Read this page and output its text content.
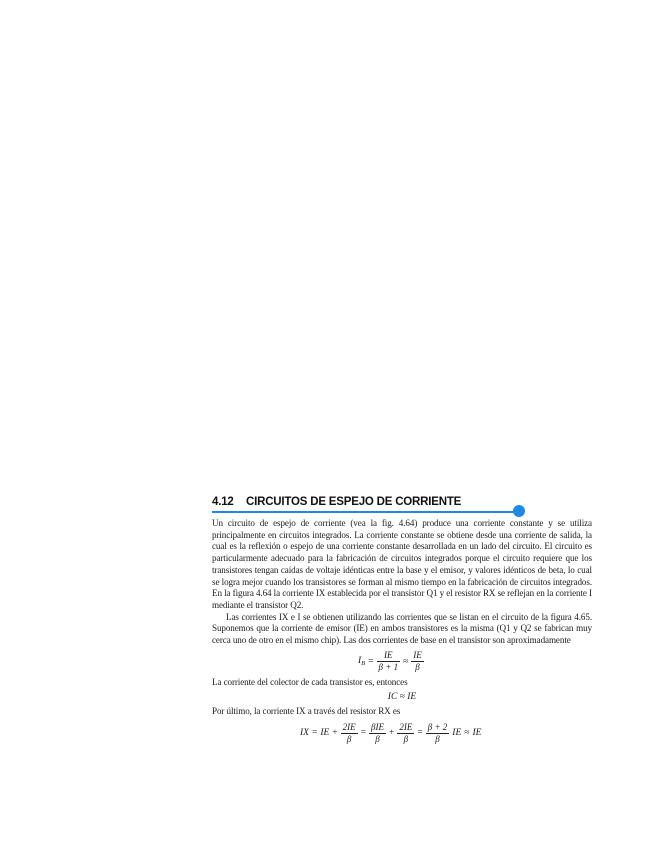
4.12 CIRCUITOS DE ESPEJO DE CORRIENTE

Un circuito de espejo de corriente (vea la fig. 4.64) produce una corriente constante y se utiliza principalmente en circuitos integrados. La corriente constante se obtiene desde una corriente de salida, la cual es la reflexión o espejo de una corriente constante desarrollada en un lado del circuito. El circuito es particularmente adecuado para la fabricación de circuitos integrados porque el circuito requiere que los transistores tengan caídas de voltaje idénticas entre la base y el emisor, y valores idénticos de beta, lo cual se logra mejor cuando los transistores se forman al mismo tiempo en la fabricación de circuitos integrados. En la figura 4.64 la corriente IX establecida por el transistor Q1 y el resistor RX se reflejan en la corriente I mediante el transistor Q2.

Las corrientes IX e I se obtienen utilizando las corrientes que se listan en el circuito de la figura 4.65. Suponemos que la corriente de emisor (IE) en ambos transistores es la misma (Q1 y Q2 se fabrican muy cerca uno de otro en el mismo chip). Las dos corrientes de base en el transistor son aproximadamente

$I_B = \frac{IE}{\beta + 1} \approx \frac{IE}{\beta}$

La corriente del colector de cada transistor es, entonces

IC ≈ IE

Por último, la corriente IX a través del resistor RX es

IX = IE + $\frac{2IE}{\beta} = \frac{\text{βIE}}{\beta} + \frac{2IE}{\beta} = \frac{\beta + 2}{\beta}$ IE ≈ IE
